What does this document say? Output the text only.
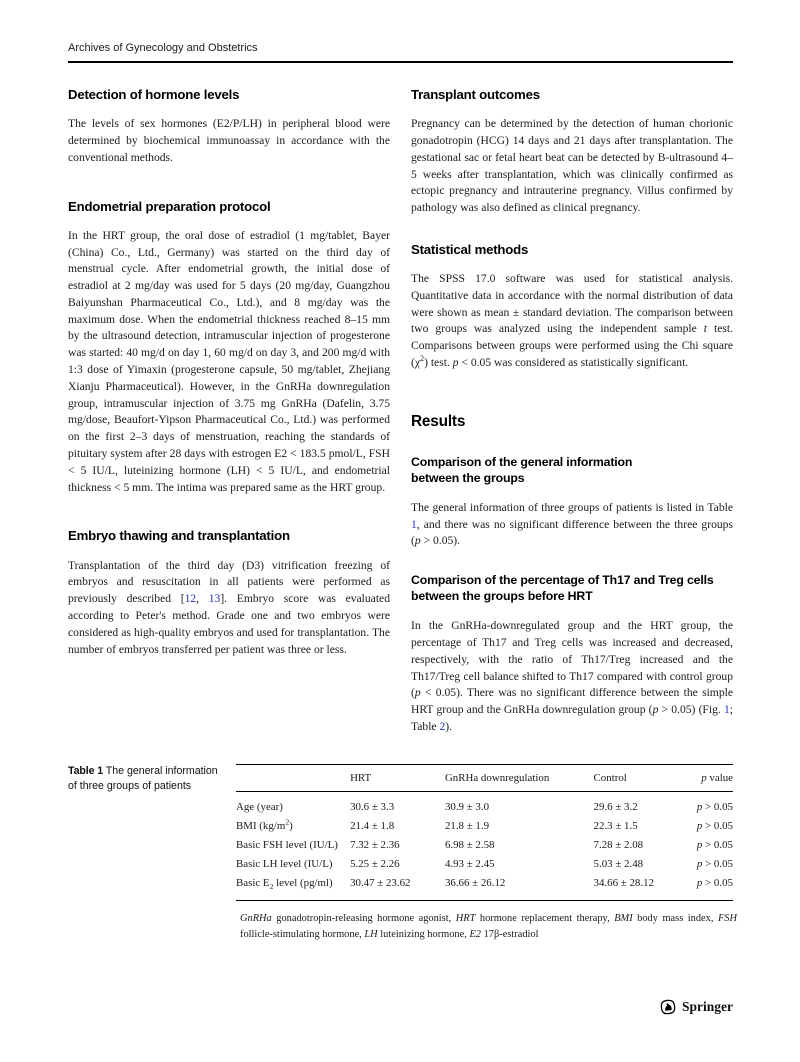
Archives of Gynecology and Obstetrics
Detection of hormone levels

The levels of sex hormones (E2/P/LH) in peripheral blood were determined by biochemical immunoassay in accordance with the conventional methods.

Endometrial preparation protocol

In the HRT group, the oral dose of estradiol (1 mg/tablet, Bayer (China) Co., Ltd., Germany) was started on the third day of menstrual cycle. After endometrial growth, the initial dose of estradiol at 2 mg/day was used for 5 days (20 mg/day, Guangzhou Baiyunshan Pharmaceutical Co., Ltd.), and 8 mg/day was the maximum dose. When the endometrial thickness reached 8–15 mm by the ultrasound detection, intramuscular injection of progesterone was started: 40 mg/d on day 1, 60 mg/d on day 3, and 200 mg/d with 1:3 dose of Yimaxin (progesterone capsule, 50 mg/tablet, Zhejiang Xianju Pharmaceutical). However, in the GnRHa downregulation group, intramuscular injection of 3.75 mg GnRHa (Dafelin, 3.75 mg/dose, Beaufort-Yipson Pharmaceutical Co., Ltd.) was performed on the first 2–3 days of menstruation, reaching the standards of pituitary system after 28 days with estrogen E2 < 183.5 pmol/L, FSH < 5 IU/L, luteinizing hormone (LH) < 5 IU/L, and endometrial thickness < 5 mm. The intima was prepared same as the HRT group.

Embryo thawing and transplantation

Transplantation of the third day (D3) vitrification freezing of embryos and resuscitation in all patients were performed as previously described [12, 13]. Embryo score was evaluated according to Peter's method. Grade one and two embryos were considered as high-quality embryos and used for transplantation. The number of embryos transferred per patient was three or less.

Transplant outcomes

Pregnancy can be determined by the detection of human chorionic gonadotropin (HCG) 14 days and 21 days after transplantation. The gestational sac or fetal heart beat can be detected by B-ultrasound 4–5 weeks after transplantation, which was clinically confirmed as ectopic pregnancy and intrauterine pregnancy. Villus confirmed by pathology was also defined as clinical pregnancy.

Statistical methods

The SPSS 17.0 software was used for statistical analysis. Quantitative data in accordance with the normal distribution of data were shown as mean ± standard deviation. The comparison between two groups was analyzed using the independent sample t test. Comparisons between groups were performed using the Chi square $(\chi^2)$ test. p < 0.05 was considered as statistically significant.

Results
Comparison of the general information between the groups

The general information of three groups of patients is listed in Table 1, and there was no significant difference between the three groups (p > 0.05).

Comparison of the percentage of Th17 and Treg cells between the groups before HRT

In the GnRHa-downregulated group and the HRT group, the percentage of Th17 and Treg cells was increased and decreased, respectively, with the ratio of Th17/Treg increased and the Th17/Treg cell balance shifted to Th17 compared with control group (p < 0.05). There was no significant difference between the simple HRT group and the GnRHa downregulation group (p > 0.05) (Fig. 1; Table 2).

Table 1 The general information of three groups of patients
	HRT	GnRHa downregulation	Control	p value
Age (year)	30.6 ± 3.3	30.9 ± 3.0	29.6 ± 3.2	p > 0.05
BMI $(kg/m^2)$	21.4 ± 1.8	21.8 ± 1.9	22.3 ± 1.5	p > 0.05
Basic FSH level (IU/L)	7.32 ± 2.36	6.98 ± 2.58	7.28 ± 2.08	p > 0.05
Basic LH level (IU/L)	5.25 ± 2.26	4.93 ± 2.45	5.03 ± 2.48	p > 0.05
Basic $E_2$ level (pg/ml)	30.47 ± 23.62	36.66 ± 26.12	34.66 ± 28.12	p > 0.05
GnRHa gonadotropin-releasing hormone agonist, HRT hormone replacement therapy, BMI body mass index, FSH follicle-stimulating hormone, LH luteinizing hormone, E2 17β-estradiol
Springer
